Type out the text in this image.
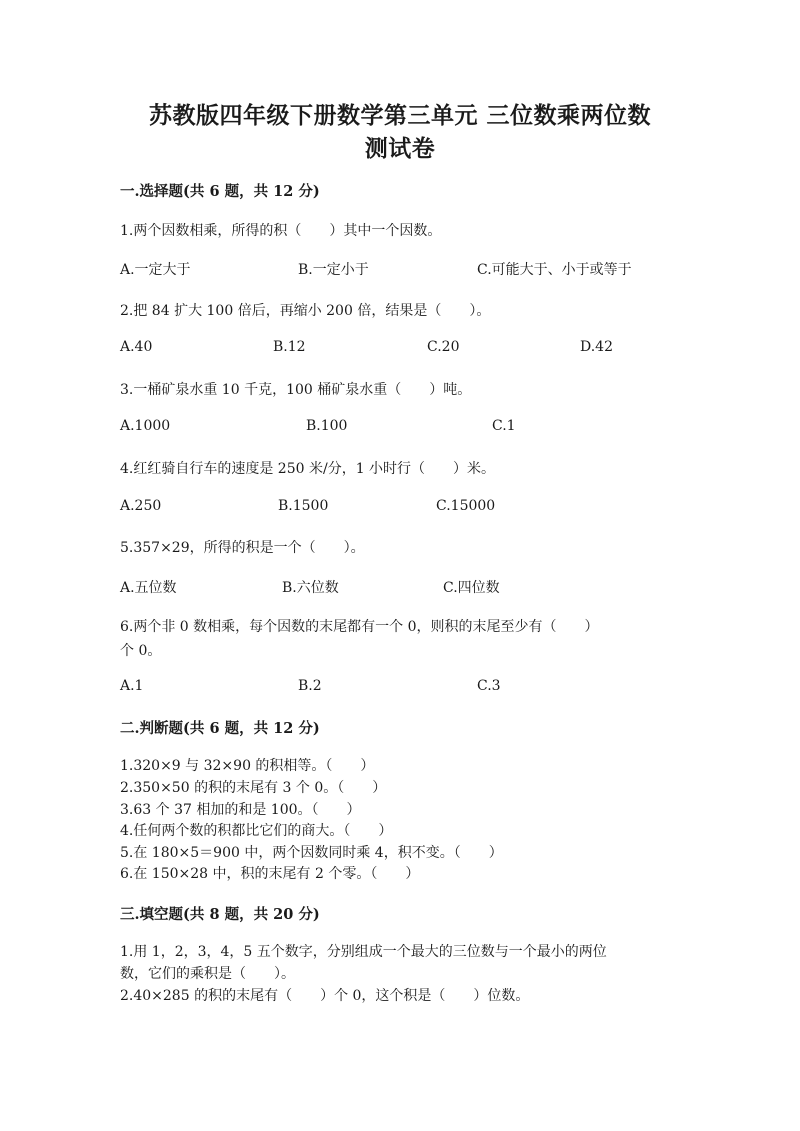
苏教版四年级下册数学第三单元 三位数乘两位数
测试卷
一.选择题(共 6 题，共 12 分)
1.两个因数相乘，所得的积（　　）其中一个因数。
A.一定大于	B.一定小于	C.可能大于、小于或等于
2.把 84 扩大 100 倍后，再缩小 200 倍，结果是（　　）。
A.40	B.12	C.20	D.42
3.一桶矿泉水重 10 千克，100 桶矿泉水重（　　）吨。
A.1000	B.100	C.1
4.红红骑自行车的速度是 250 米/分，1 小时行（　　）米。
A.250	B.1500	C.15000
5.357×29，所得的积是一个（　　）。
A.五位数	B.六位数	C.四位数
6.两个非 0 数相乘，每个因数的末尾都有一个 0，则积的末尾至少有（　　）
个 0。
A.1	B.2	C.3
二.判断题(共 6 题，共 12 分)
1.320×9 与 32×90 的积相等。（　　）
2.350×50 的积的末尾有 3 个 0。（　　）
3.63 个 37 相加的和是 100。（　　）
4.任何两个数的积都比它们的商大。（　　）
5.在 180×5＝900 中，两个因数同时乘 4，积不变。（　　）
6.在 150×28 中，积的末尾有 2 个零。（　　）
三.填空题(共 8 题，共 20 分)
1.用 1，2，3，4，5 五个数字，分别组成一个最大的三位数与一个最小的两位
数，它们的乘积是（　　）。
2.40×285 的积的末尾有（　　）个 0，这个积是（　　）位数。
